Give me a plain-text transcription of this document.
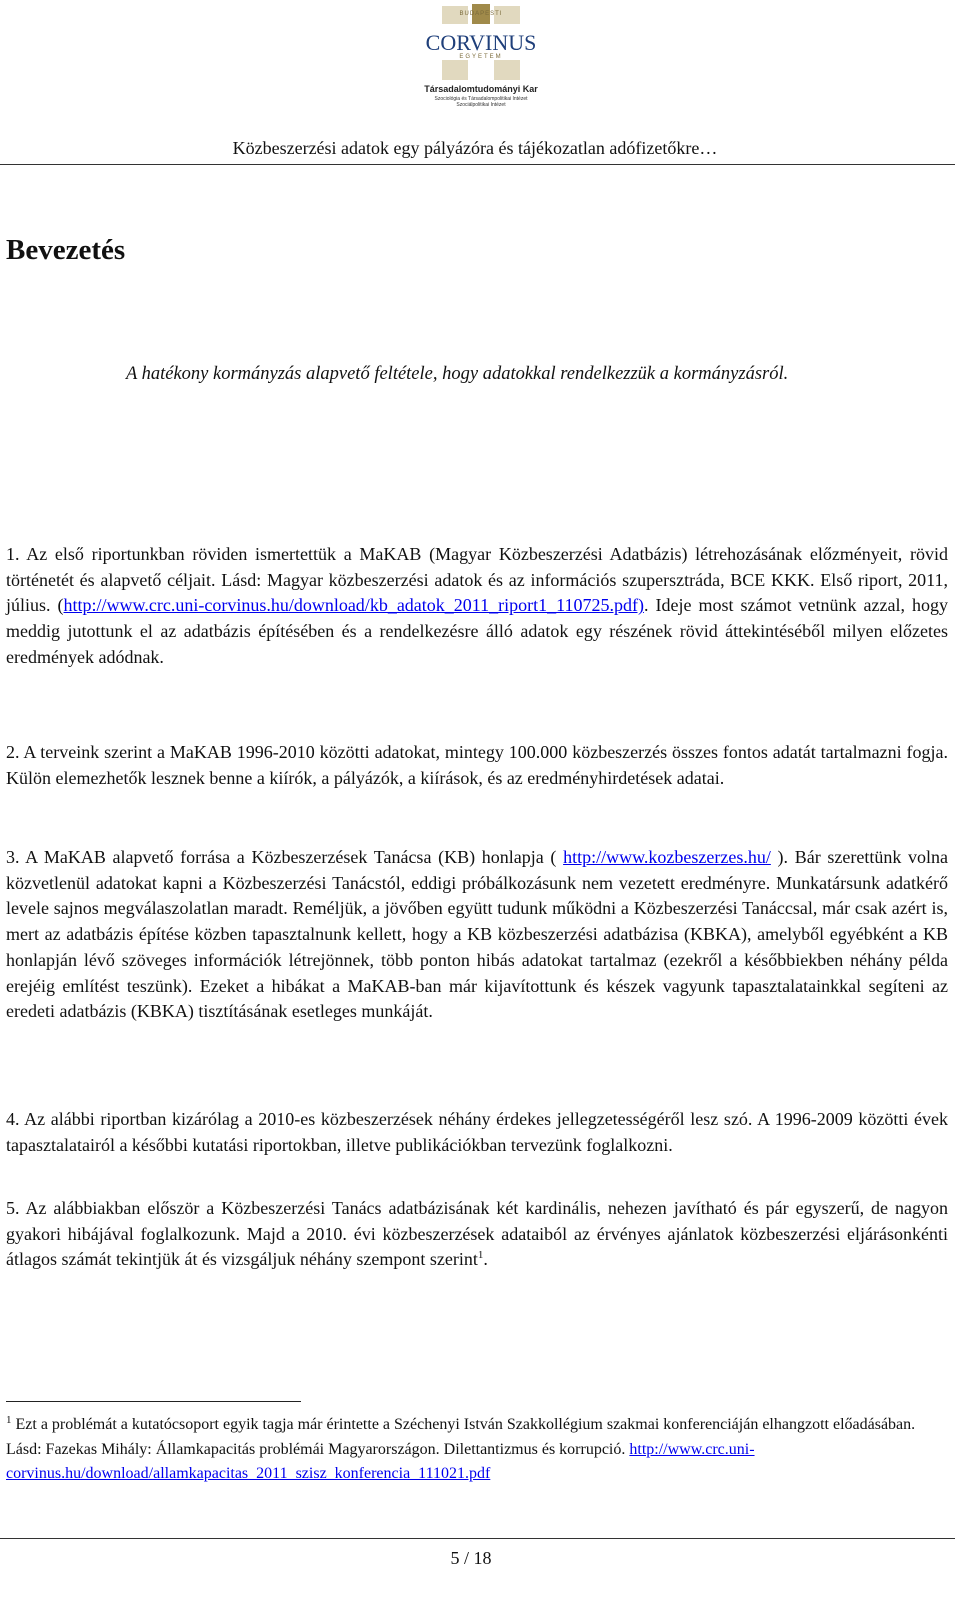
BUDAPESTI
CORVINUS
EGYETEM
Társadalomtudományi Kar
Szociológia és Társadalompolitikai Intézet
Szociálpolitikai Intézet
Közbeszerzési adatok egy pályázóra és tájékozatlan adófizetőkre…
Bevezetés
A hatékony kormányzás alapvető feltétele, hogy adatokkal rendelkezzük a kormányzásról.
1. Az első riportunkban röviden ismertettük a MaKAB (Magyar Közbeszerzési Adatbázis) létrehozásának előzményeit, rövid történetét és alapvető céljait. Lásd: Magyar közbeszerzési adatok és az információs szupersztráda, BCE KKK. Első riport, 2011, július. (http://www.crc.uni-corvinus.hu/download/kb_adatok_2011_riport1_110725.pdf). Ideje most számot vetnünk azzal, hogy meddig jutottunk el az adatbázis építésében és a rendelkezésre álló adatok egy részének rövid áttekintéséből milyen előzetes eredmények adódnak.
2. A terveink szerint a MaKAB 1996-2010 közötti adatokat, mintegy 100.000 közbeszerzés összes fontos adatát tartalmazni fogja. Külön elemezhetők lesznek benne a kiírók, a pályázók, a kiírások, és az eredményhirdetések adatai.
3. A MaKAB alapvető forrása a Közbeszerzések Tanácsa (KB) honlapja ( http://www.kozbeszerzes.hu/ ). Bár szerettünk volna közvetlenül adatokat kapni a Közbeszerzési Tanácstól, eddigi próbálkozásunk nem vezetett eredményre. Munkatársunk adatkérő levele sajnos megválaszolatlan maradt. Reméljük, a jövőben együtt tudunk működni a Közbeszerzési Tanáccsal, már csak azért is, mert az adatbázis építése közben tapasztalnunk kellett, hogy a KB közbeszerzési adatbázisa (KBKA), amelyből egyébként a KB honlapján lévő szöveges információk létrejönnek, több ponton hibás adatokat tartalmaz (ezekről a későbbiekben néhány példa erejéig említést teszünk). Ezeket a hibákat a MaKAB-ban már kijavítottunk és készek vagyunk tapasztalatainkkal segíteni az eredeti adatbázis (KBKA) tisztításának esetleges munkáját.
4. Az alábbi riportban kizárólag a 2010-es közbeszerzések néhány érdekes jellegzetességéről lesz szó. A 1996-2009 közötti évek tapasztalatairól a későbbi kutatási riportokban, illetve publikációkban tervezünk foglalkozni.
5. Az alábbiakban először a Közbeszerzési Tanács adatbázisának két kardinális, nehezen javítható és pár egyszerű, de nagyon gyakori hibájával foglalkozunk. Majd a 2010. évi közbeszerzések adataiból az érvényes ajánlatok közbeszerzési eljárásonkénti átlagos számát tekintjük át és vizsgáljuk néhány szempont szerint$^1$.
$^1$ Ezt a problémát a kutatócsoport egyik tagja már érintette a Széchenyi István Szakkollégium szakmai konferenciáján elhangzott előadásában. Lásd: Fazekas Mihály: Államkapacitás problémái Magyarországon. Dilettantizmus és korrupció. http://www.crc.uni-corvinus.hu/download/allamkapacitas_2011_szisz_konferencia_111021.pdf
5 / 18
